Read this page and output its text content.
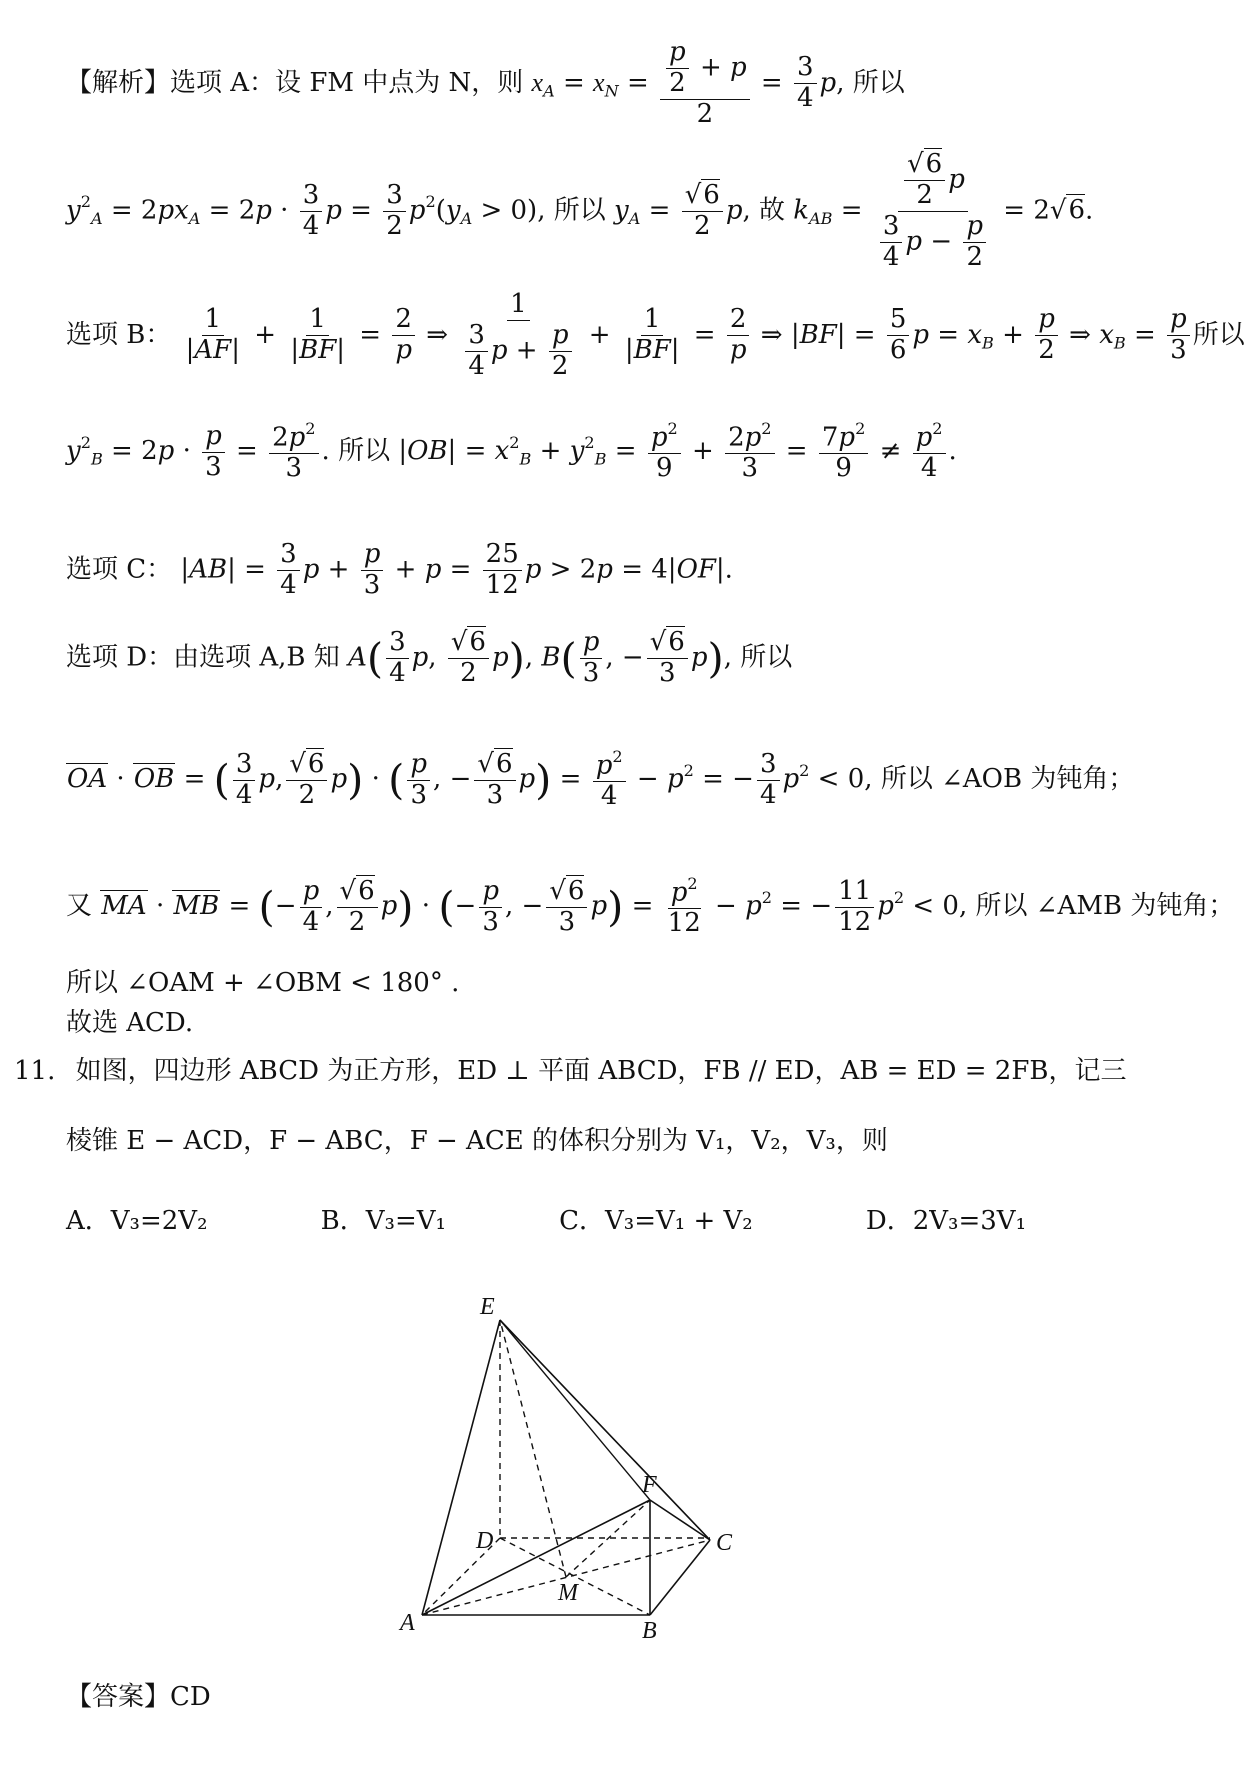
【解析】选项 A：设 FM 中点为 N，则 $x_A = x_N = \frac{\frac{p}{2} + p}{2} = \frac{3}{4} p$, 所以
$y^2_A = 2px_A = 2p \cdot \frac{3}{4}$ $p = \frac{3}{2} p^2(y_A > 0)$, 所以 $y_A = \frac{√6}{2} p$, 故 $k_{AB} = \frac{\frac{√6}{2} p}{\frac{3}{4} p - \frac{p}{2}} = 2√6$.
选项 B： $\frac{1}{|AF|} + \frac{1}{|BF|} = \frac{2}{p}$ ⇒ $\frac{1}{\frac{3}{4} p + \frac{p}{2}} + \frac{1}{|BF|} = \frac{2}{p}$ ⇒ $|BF| = \frac{5}{6}$ $p = x_B + \frac{p}{2}$ ⇒ $x_B = \frac{p}{3}$ 所以
$y^2_B = 2p \cdot \frac{p}{3} = \frac{2p^2}{3}$ . 所以 $|OB| = x^2_B + y^2_B = \frac{p^2}{9} + \frac{2p^2}{3} = \frac{7p^2}{9} \ne \frac{p^2}{4}$ .
选项 C： $|AB| = \frac{3}{4}$ $p + \frac{p}{3} + p = \frac{25}{12}$ p > 2p = 4|OF|.
选项 D：由选项 A,B 知 $A( \frac{3}{4} p$, $\frac{√6}{2} p$), $B( \frac{p}{3}$ , − $\frac{√6}{3} p$), 所以
OA · OB = ( $\frac{3}{4} p$, $\frac{√6}{2} p$) · ( $\frac{p}{3}$ , − $\frac{√6}{3} p) = \frac{p^2}{4} - p^2$ = − $\frac{3}{4} p^2 < 0$, 所以 ∠AOB 为钝角；
又 MA · MB = (− $\frac{p}{4}$ , $\frac{√6}{2} p$) · (− $\frac{p}{3}$ , − $\frac{√6}{3} p) = \frac{p^2}{12} - p^2$ = − $\frac{11}{12} p^2 < 0$, 所以 ∠AMB 为钝角；
所以 ∠OAM + ∠OBM < 180° .
故选 ACD.
11. 如图，四边形 ABCD 为正方形，ED ⊥ 平面 ABCD，FB // ED，AB = ED = 2FB，记三
棱锥 E − ACD，F − ABC，F − ACE 的体积分别为 V₁，V₂，V₃，则
A．V₃=2V₂	B．V₃=V₁	C．V₃=V₁ + V₂	D．2V₃=3V₁
E
F
D	C
M
A	B
【答案】CD
